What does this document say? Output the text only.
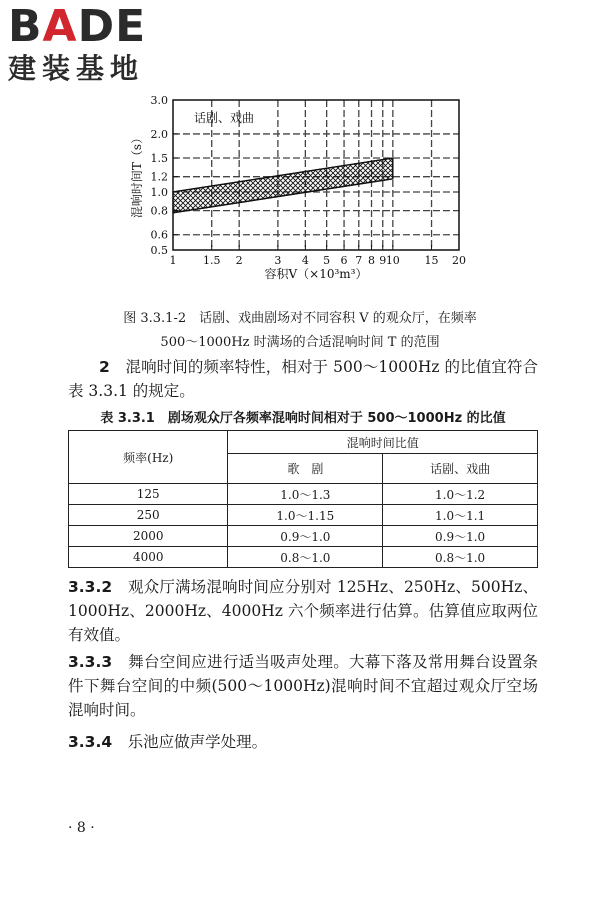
BADE
建装基地
1 1.5 2	3 4 5 6 7 8 9 10 15 20
0.5
0.6
0.8
1.0
1.2
1.5
2.0
3.0
话剧、戏曲
容积V（×10³m³）
混响时间T（s）
图 3.3.1-2　话剧、戏曲剧场对不同容积 V 的观众厅，在频率
500～1000Hz 时满场的合适混响时间 T 的范围
2　混响时间的频率特性，相对于 500～1000Hz 的比值宜符合表 3.3.1 的规定。
表 3.3.1　剧场观众厅各频率混响时间相对于 500～1000Hz 的比值
频率(Hz)	混响时间比值	
	歌　剧	话剧、戏曲
125	1.0～1.3	1.0～1.2
250	1.0～1.15	1.0～1.1
2000	0.9～1.0	0.9～1.0
4000	0.8～1.0	0.8～1.0
3.3.2　观众厅满场混响时间应分别对 125Hz、250Hz、500Hz、1000Hz、2000Hz、4000Hz 六个频率进行估算。估算值应取两位有效值。
3.3.3　舞台空间应进行适当吸声处理。大幕下落及常用舞台设置条件下舞台空间的中频(500～1000Hz)混响时间不宜超过观众厅空场混响时间。
3.3.4　乐池应做声学处理。
· 8 ·
